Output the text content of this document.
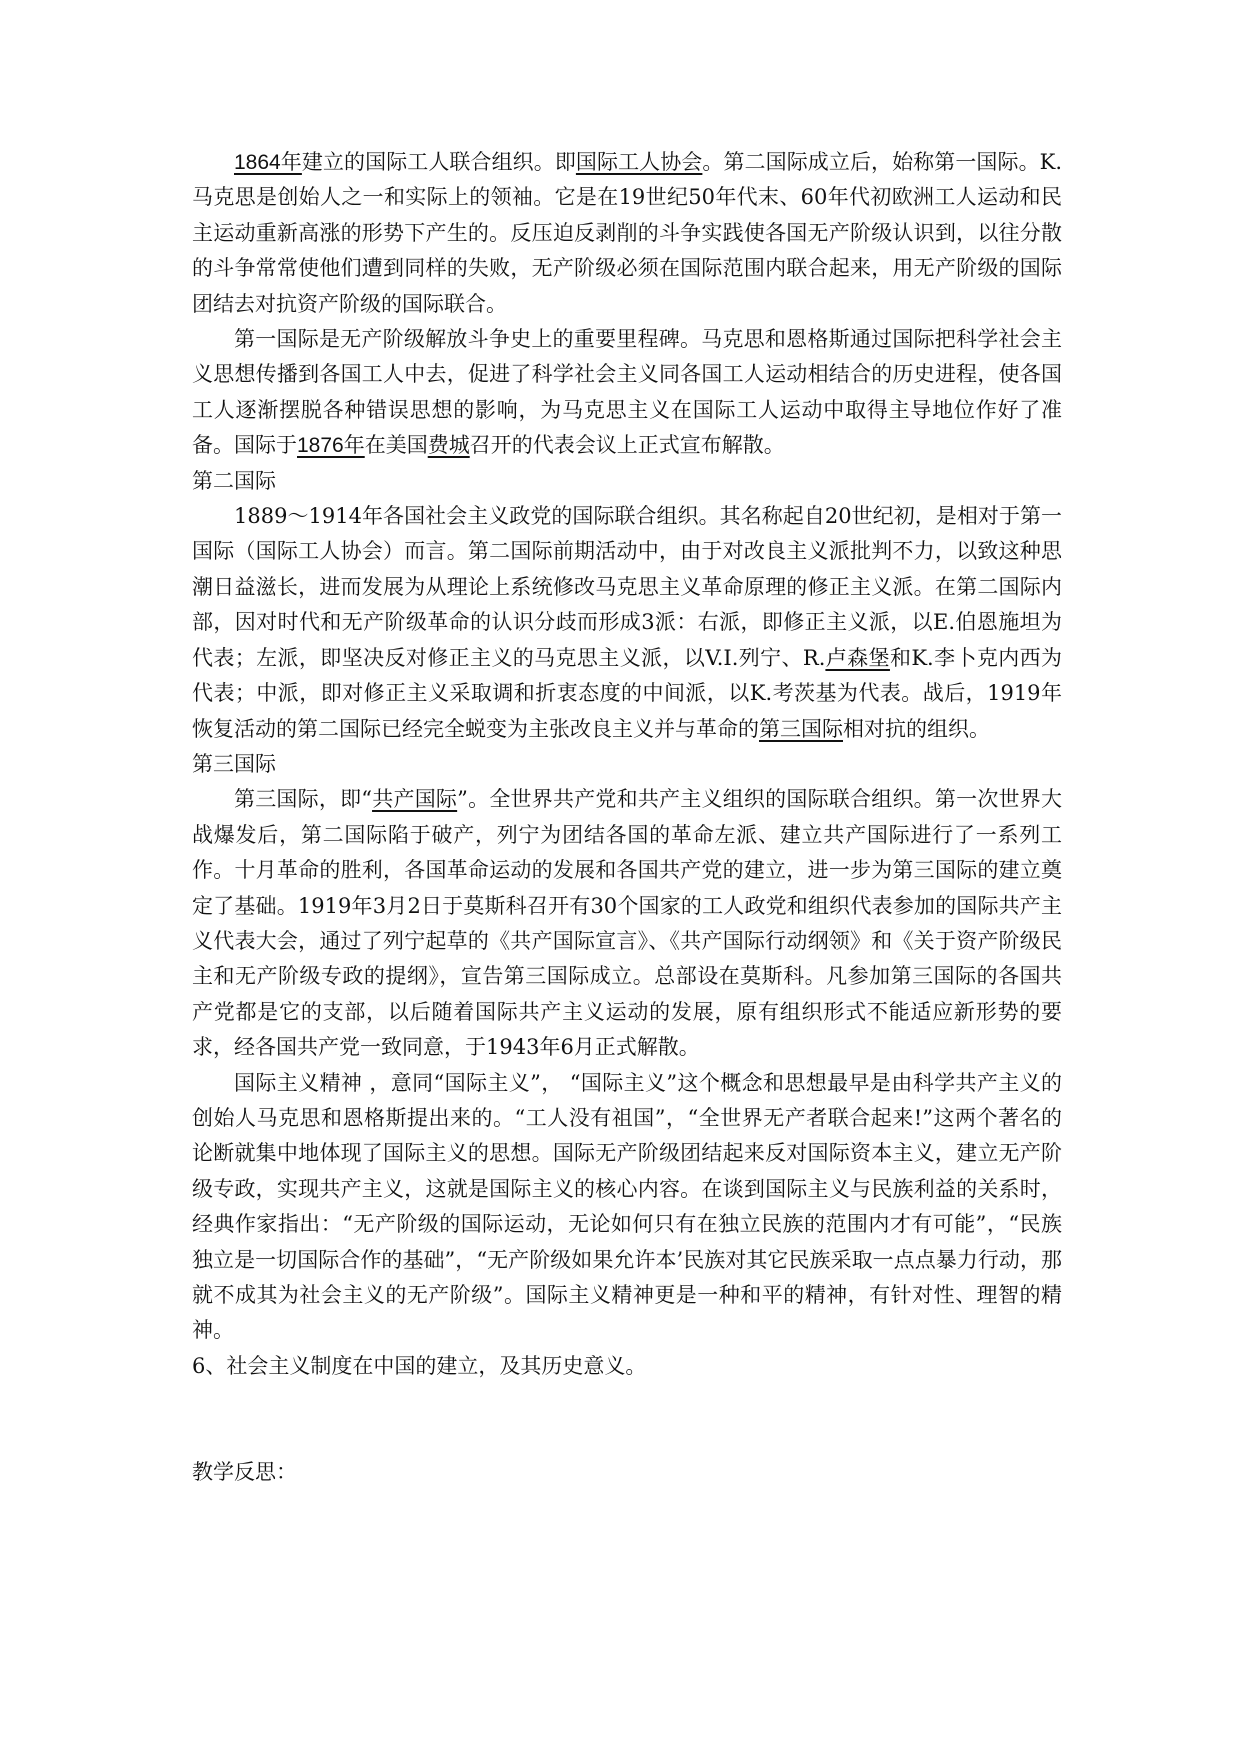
1864年建立的国际工人联合组织。即国际工人协会。第二国际成立后，始称第一国际。K.马克思是创始人之一和实际上的领袖。它是在19世纪50年代末、60年代初欧洲工人运动和民主运动重新高涨的形势下产生的。反压迫反剥削的斗争实践使各国无产阶级认识到，以往分散的斗争常常使他们遭到同样的失败，无产阶级必须在国际范围内联合起来，用无产阶级的国际团结去对抗资产阶级的国际联合。

第一国际是无产阶级解放斗争史上的重要里程碑。马克思和恩格斯通过国际把科学社会主义思想传播到各国工人中去，促进了科学社会主义同各国工人运动相结合的历史进程，使各国工人逐渐摆脱各种错误思想的影响，为马克思主义在国际工人运动中取得主导地位作好了准备。国际于1876年在美国费城召开的代表会议上正式宣布解散。

第二国际

1889～1914年各国社会主义政党的国际联合组织。其名称起自20世纪初，是相对于第一国际（国际工人协会）而言。第二国际前期活动中，由于对改良主义派批判不力，以致这种思潮日益滋长，进而发展为从理论上系统修改马克思主义革命原理的修正主义派。在第二国际内部，因对时代和无产阶级革命的认识分歧而形成3派：右派，即修正主义派，以E.伯恩施坦为代表；左派，即坚决反对修正主义的马克思主义派，以V.I.列宁、R.卢森堡和K.李卜克内西为代表；中派，即对修正主义采取调和折衷态度的中间派，以K.考茨基为代表。战后，1919年恢复活动的第二国际已经完全蜕变为主张改良主义并与革命的第三国际相对抗的组织。

第三国际

第三国际，即“共产国际”。全世界共产党和共产主义组织的国际联合组织。第一次世界大战爆发后，第二国际陷于破产，列宁为团结各国的革命左派、建立共产国际进行了一系列工作。十月革命的胜利，各国革命运动的发展和各国共产党的建立，进一步为第三国际的建立奠定了基础。1919年3月2日于莫斯科召开有30个国家的工人政党和组织代表参加的国际共产主义代表大会，通过了列宁起草的《共产国际宣言》、《共产国际行动纲领》和《关于资产阶级民主和无产阶级专政的提纲》，宣告第三国际成立。总部设在莫斯科。凡参加第三国际的各国共产党都是它的支部，以后随着国际共产主义运动的发展，原有组织形式不能适应新形势的要求，经各国共产党一致同意，于1943年6月正式解散。

国际主义精神 ，意同“国际主义”， “国际主义”这个概念和思想最早是由科学共产主义的创始人马克思和恩格斯提出来的。“工人没有祖国”，“全世界无产者联合起来!”这两个著名的论断就集中地体现了国际主义的思想。国际无产阶级团结起来反对国际资本主义，建立无产阶级专政，实现共产主义，这就是国际主义的核心内容。在谈到国际主义与民族利益的关系时，经典作家指出：“无产阶级的国际运动，无论如何只有在独立民族的范围内才有可能”，“民族独立是一切国际合作的基础”，“无产阶级如果允许本’民族对其它民族采取一点点暴力行动，那就不成其为社会主义的无产阶级”。国际主义精神更是一种和平的精神，有针对性、理智的精神。

6、社会主义制度在中国的建立，及其历史意义。

教学反思：
